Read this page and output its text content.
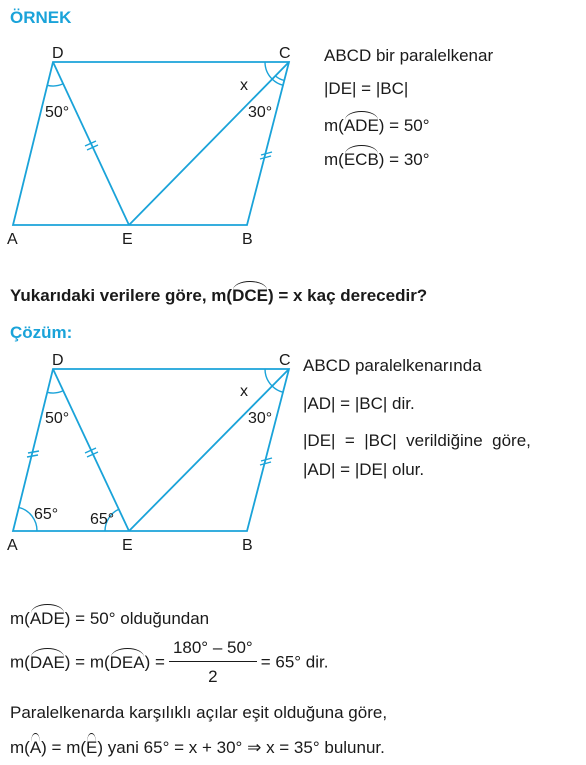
ÖRNEK
D	C
A	E	B
50°	30°
x
D	C
A	E	B
50°	30°
x
65° 65°
ABCD bir paralelkenar
|DE| = |BC|
m(ADE) = 50°
m(ECB) = 30°
Yukarıdaki verilere göre, m(DCE) = x kaç derecedir?
Çözüm:
ABCD paralelkenarında
|AD| = |BC| dir.
|DE|  =  |BC|  verildiğine  göre,
|AD| = |DE| olur.
m(ADE) = 50° olduğundan
$m(DAE) = m(DEA) = \frac{180^\circ - 50^\circ}{2} = 65^\circ$ dir.
Paralelkenarda karşılıklı açılar eşit olduğuna göre,
m(A) = m(E) yani 65° = x + 30° ⇒ x = 35° bulunur.
